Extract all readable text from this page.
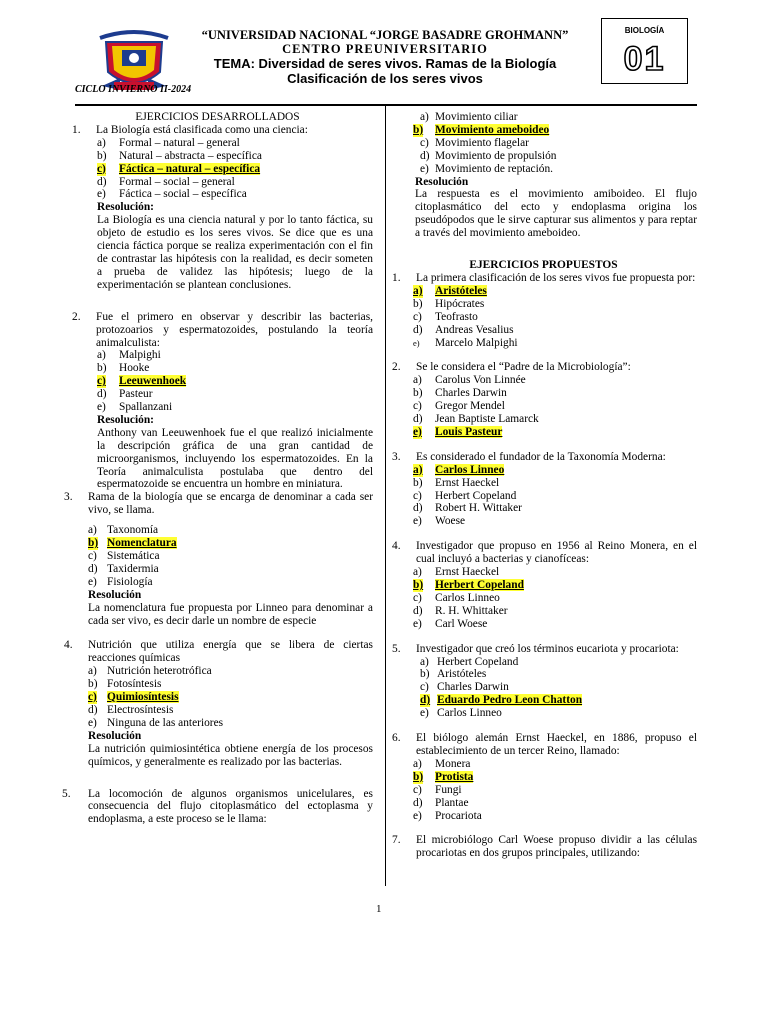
“UNIVERSIDAD NACIONAL “JORGE BASADRE GROHMANN”
CENTRO PREUNIVERSITARIO
TEMA: Diversidad de seres vivos. Ramas de la Biología
Clasificación de los seres vivos
CICLO INVIERNO II-2024
BIOLOGÍA
01
EJERCICIOS DESARROLLADOS
1. La Biología está clasificada como una ciencia:
a) Formal – natural – general
b) Natural – abstracta – específica
c) Fáctica – natural – específica
d) Formal – social – general
e) Fáctica – social – específica
Resolución:
La Biología es una ciencia natural y por lo tanto fáctica, su objeto de estudio es los seres vivos. Se dice que es una ciencia fáctica porque se realiza experimentación con el fin de contrastar las hipótesis con la realidad, es decir someten a prueba de validez las hipótesis; luego de la experimentación se plantean conclusiones.
2. Fue el primero en observar y describir las bacterias, protozoarios y espermatozoides, postulando la teoría animalculista:
a) Malpighi
b) Hooke
c) Leeuwenhoek
d) Pasteur
e) Spallanzani
Resolución:
Anthony van Leeuwenhoek fue el que realizó inicialmente la descripción gráfica de una gran cantidad de microorganismos, incluyendo los espermatozoides. En la Teoría animalculista postulaba que dentro del espermatozoide se encuentra un hombre en miniatura.
3. Rama de la biología que se encarga de denominar a cada ser vivo, se llama.
a) Taxonomía
b) Nomenclatura
c) Sistemática
d) Taxidermia
e) Fisiología
Resolución
La nomenclatura fue propuesta por Linneo para denominar a cada ser vivo, es decir darle un nombre de especie
4. Nutrición que utiliza energía que se libera de ciertas reacciones químicas
a) Nutrición heterotrófica
b) Fotosíntesis
c) Quimiosíntesis
d) Electrosíntesis
e) Ninguna de las anteriores
Resolución
La nutrición quimiosintética obtiene energía de los procesos químicos, y generalmente es realizado por las bacterias.
5. La locomoción de algunos organismos unicelulares, es consecuencia del flujo citoplasmático del ectoplasma y endoplasma, a este proceso se le llama:
a) Movimiento ciliar
b) Movimiento ameboideo
c) Movimiento flagelar
d) Movimiento de propulsión
e) Movimiento de reptación.
Resolución
La respuesta es el movimiento amiboideo. El flujo citoplasmático del ecto y endoplasma origina los pseudópodos que le sirve capturar sus alimentos y para reptar a través del movimiento ameboideo.
EJERCICIOS PROPUESTOS
1. La primera clasificación de los seres vivos fue propuesta por:
a) Aristóteles
b) Hipócrates
c) Teofrasto
d) Andreas Vesalius
e) Marcelo Malpighi
2. Se le considera el “Padre de la Microbiología”:
a) Carolus Von Linnée
b) Charles Darwin
c) Gregor Mendel
d) Jean Baptiste Lamarck
e) Louis Pasteur
3. Es considerado el fundador de la Taxonomía Moderna:
a) Carlos Linneo
b) Ernst Haeckel
c) Herbert Copeland
d) Robert H. Wittaker
e) Woese
4. Investigador que propuso en 1956 al Reino Monera, en el cual incluyó a bacterias y cianofíceas:
a) Ernst Haeckel
b) Herbert Copeland
c) Carlos Linneo
d) R. H. Whittaker
e) Carl Woese
5. Investigador que creó los términos eucariota y procariota:
a) Herbert Copeland
b) Aristóteles
c) Charles Darwin
d) Eduardo Pedro Leon Chatton
e) Carlos Linneo
6. El biólogo alemán Ernst Haeckel, en 1886, propuso el establecimiento de un tercer Reino, llamado:
a) Monera
b) Protista
c) Fungi
d) Plantae
e) Procariota
7. El microbiólogo Carl Woese propuso dividir a las células procariotas en dos grupos principales, utilizando:
1
